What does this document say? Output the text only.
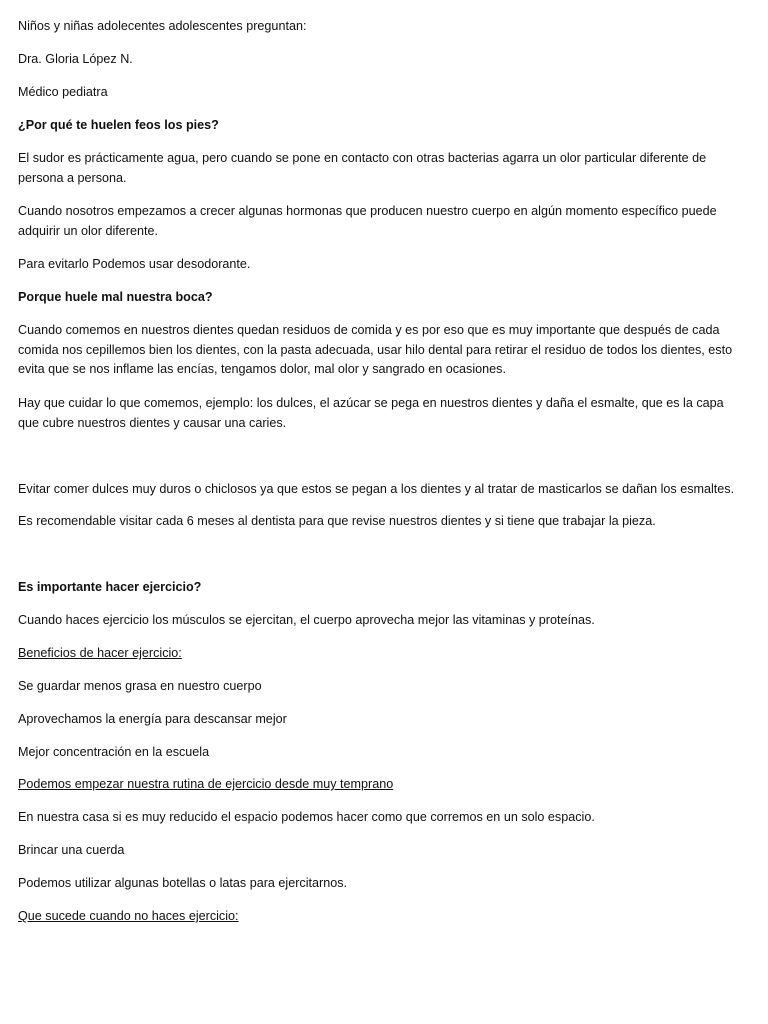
Niños y niñas adolecentes adolescentes preguntan:

Dra. Gloria López N.

Médico pediatra

¿Por qué te huelen feos los pies?

El sudor es prácticamente agua, pero cuando se pone en contacto con otras bacterias agarra un olor particular diferente de persona a persona.

Cuando nosotros empezamos a crecer algunas hormonas que producen nuestro cuerpo en algún momento específico puede adquirir un olor diferente.

Para evitarlo Podemos usar desodorante.

Porque huele mal nuestra boca?

Cuando comemos en nuestros dientes quedan residuos de comida y es por eso que es muy importante que después de cada comida nos cepillemos bien los dientes, con la pasta adecuada, usar hilo dental para retirar el residuo de todos los dientes, esto evita que se nos inflame las encías, tengamos dolor, mal olor y sangrado en ocasiones.

Hay que cuidar lo que comemos, ejemplo: los dulces, el azúcar se pega en nuestros dientes y daña el esmalte, que es la capa que cubre nuestros dientes y causar una caries.

Evitar comer dulces muy duros o chiclosos ya que estos se pegan a los dientes y al tratar de masticarlos se dañan los esmaltes.

Es recomendable visitar cada 6 meses al dentista para que revise nuestros dientes y si tiene que trabajar la pieza.

Es importante hacer ejercicio?

Cuando haces ejercicio los músculos se ejercitan, el cuerpo aprovecha mejor las vitaminas y proteínas.

Beneficios de hacer ejercicio:

Se guardar menos grasa en nuestro cuerpo

Aprovechamos la energía para descansar mejor

Mejor concentración en la escuela

Podemos empezar nuestra rutina de ejercicio desde muy temprano

En nuestra casa si es muy reducido el espacio podemos hacer como que corremos en un solo espacio.

Brincar una cuerda

Podemos utilizar algunas botellas o latas para ejercitarnos.

Que sucede cuando no haces ejercicio:
